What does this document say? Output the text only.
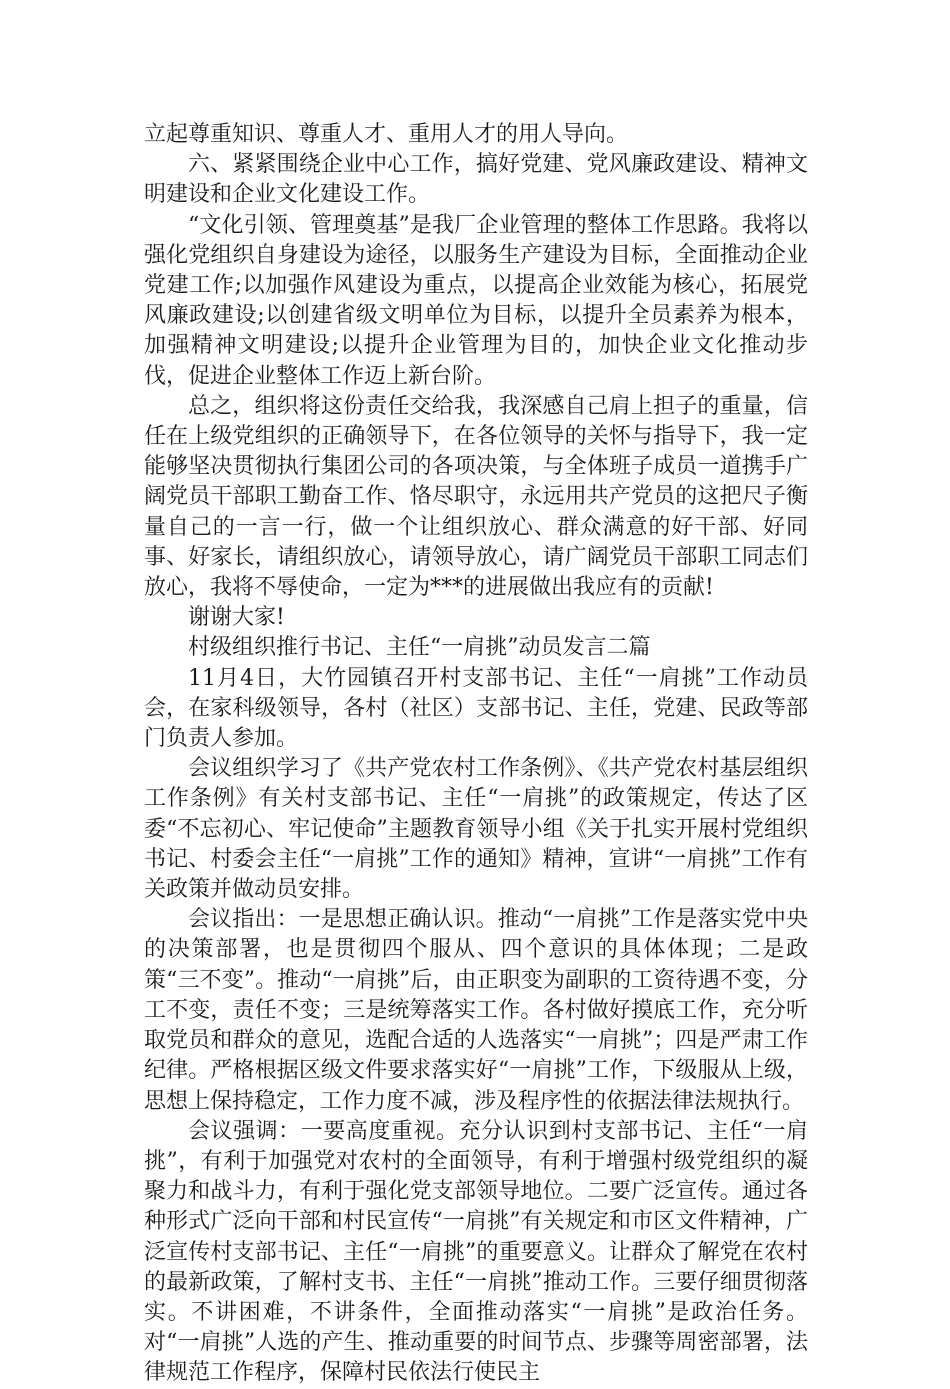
立起尊重知识、尊重人才、重用人才的用人导向。

六、紧紧围绕企业中心工作，搞好党建、党风廉政建设、精神文明建设和企业文化建设工作。

“文化引领、管理奠基”是我厂企业管理的整体工作思路。我将以强化党组织自身建设为途径，以服务生产建设为目标，全面推动企业党建工作;以加强作风建设为重点，以提高企业效能为核心，拓展党风廉政建设;以创建省级文明单位为目标，以提升全员素养为根本，加强精神文明建设;以提升企业管理为目的，加快企业文化推动步伐，促进企业整体工作迈上新台阶。

总之，组织将这份责任交给我，我深感自己肩上担子的重量，信任在上级党组织的正确领导下，在各位领导的关怀与指导下，我一定能够坚决贯彻执行集团公司的各项决策，与全体班子成员一道携手广阔党员干部职工勤奋工作、恪尽职守，永远用共产党员的这把尺子衡量自己的一言一行，做一个让组织放心、群众满意的好干部、好同事、好家长，请组织放心，请领导放心，请广阔党员干部职工同志们放心，我将不辱使命，一定为***的进展做出我应有的贡献!

谢谢大家!

村级组织推行书记、主任“一肩挑”动员发言二篇

11月4日，大竹园镇召开村支部书记、主任“一肩挑”工作动员会，在家科级领导，各村（社区）支部书记、主任，党建、民政等部门负责人参加。

会议组织学习了《共产党农村工作条例》、《共产党农村基层组织工作条例》有关村支部书记、主任“一肩挑”的政策规定，传达了区委“不忘初心、牢记使命”主题教育领导小组《关于扎实开展村党组织书记、村委会主任“一肩挑”工作的通知》精神，宣讲“一肩挑”工作有关政策并做动员安排。

会议指出：一是思想正确认识。推动“一肩挑”工作是落实党中央的决策部署，也是贯彻四个服从、四个意识的具体体现；二是政策“三不变”。推动“一肩挑”后，由正职变为副职的工资待遇不变，分工不变，责任不变；三是统筹落实工作。各村做好摸底工作，充分听取党员和群众的意见，选配合适的人选落实“一肩挑”；四是严肃工作纪律。严格根据区级文件要求落实好“一肩挑”工作，下级服从上级，思想上保持稳定，工作力度不减，涉及程序性的依据法律法规执行。

会议强调：一要高度重视。充分认识到村支部书记、主任“一肩挑”，有利于加强党对农村的全面领导，有利于增强村级党组织的凝聚力和战斗力，有利于强化党支部领导地位。二要广泛宣传。通过各种形式广泛向干部和村民宣传“一肩挑”有关规定和市区文件精神，广泛宣传村支部书记、主任“一肩挑”的重要意义。让群众了解党在农村的最新政策，了解村支书、主任“一肩挑”推动工作。三要仔细贯彻落实。不讲困难，不讲条件，全面推动落实“一肩挑”是政治任务。对“一肩挑”人选的产生、推动重要的时间节点、步骤等周密部署，法律规范工作程序，保障村民依法行使民主
